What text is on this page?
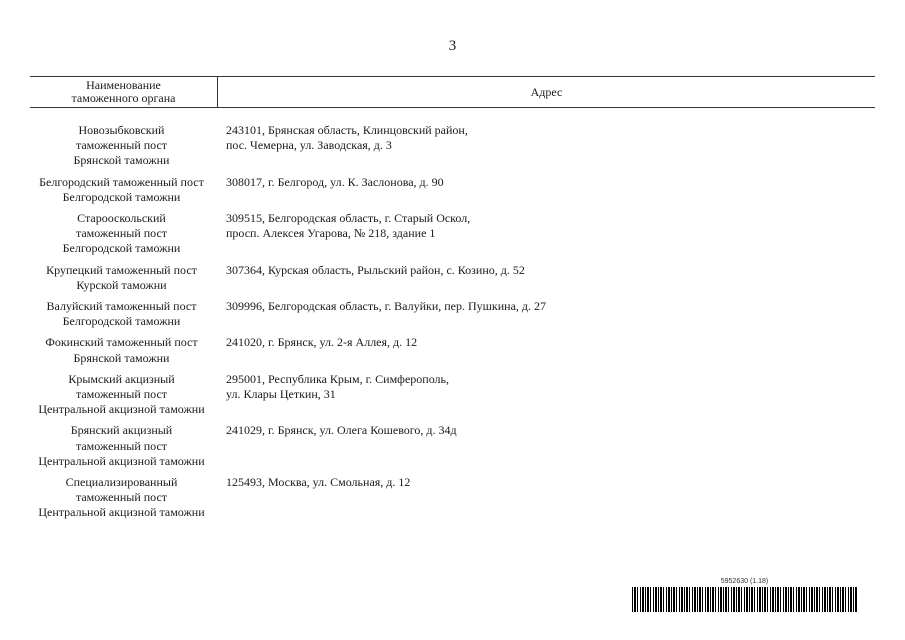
3
Наименование
таможенного органа	Адрес
Новозыбковский
таможенный пост
Брянской таможни
243101, Брянская область, Клинцовский район,
пос. Чемерна, ул. Заводская, д. 3
Белгородский таможенный пост
Белгородской таможни
308017, г. Белгород, ул. К. Заслонова, д. 90
Старооскольский
таможенный пост
Белгородской таможни
309515, Белгородская область, г. Старый Оскол,
просп. Алексея Угарова, № 218, здание 1
Крупецкий таможенный пост
Курской таможни
307364, Курская область, Рыльский район, с. Козино, д. 52
Валуйский таможенный пост
Белгородской таможни
309996, Белгородская область, г. Валуйки, пер. Пушкина, д. 27
Фокинский таможенный пост
Брянской таможни
241020, г. Брянск, ул. 2-я Аллея, д. 12
Крымский акцизный
таможенный пост
Центральной акцизной таможни
295001, Республика Крым, г. Симферополь,
ул. Клары Цеткин, 31
Брянский акцизный
таможенный пост
Центральной акцизной таможни
241029, г. Брянск, ул. Олега Кошевого, д. 34д
Специализированный
таможенный пост
Центральной акцизной таможни
125493, Москва, ул. Смольная, д. 12
5952630 (1.18)
